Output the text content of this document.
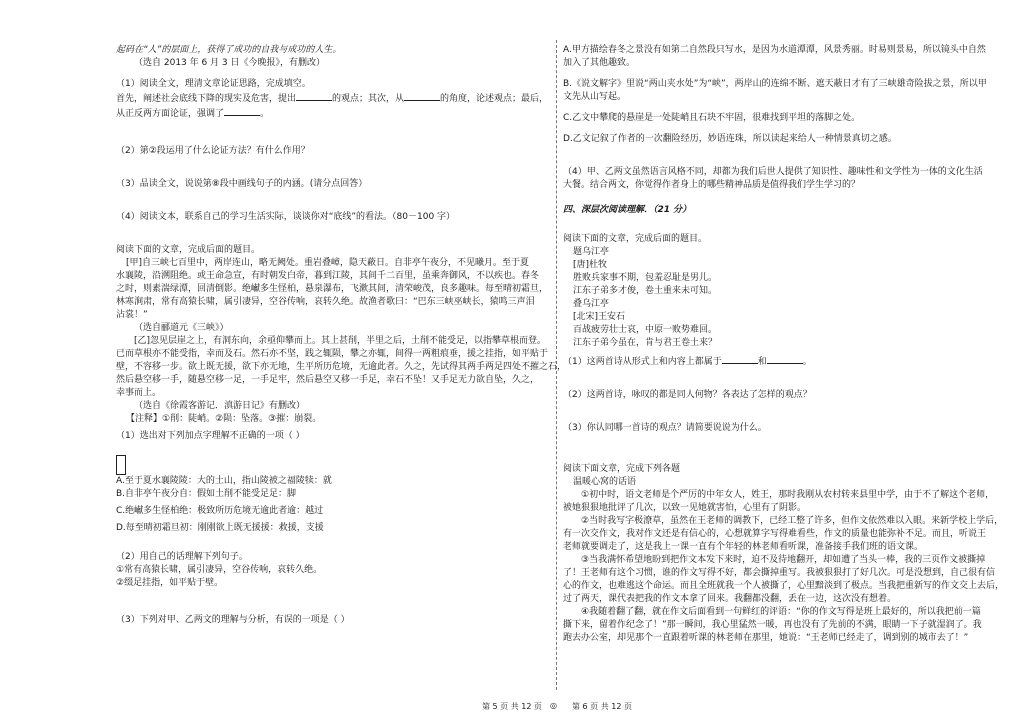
起码在“人”的层面上，获得了成功的自我与成功的人生。
（选自 2013 年 6 月 3 日《今晚报》，有删改）
（1）阅读全文，理清文章论证思路，完成填空。
首先，阐述社会底线下降的现实及危害，提出	的观点；其次，从	的角度，论述观点；最后，
从正反两方面论证，强调了	。
（2）第②段运用了什么论证方法？有什么作用？
（3）品读全文，说说第⑧段中画线句子的内涵。(请分点回答）
（4）阅读文本，联系自己的学习生活实际，谈谈你对“底线”的看法。（80－100 字）
阅读下面的文章，完成后面的题目。
[甲]自三峡七百里中，两岸连山，略无阙处。重岩叠嶂，隐天蔽日。自非亭午夜分，不见曦月。至于夏
水襄陵，沿溯阻绝。或王命急宣，有时朝发白帝，暮到江陵，其间千二百里，虽乘奔御风，不以疾也。春冬
之时，则素湍绿潭，回清倒影。绝𪩘多生怪柏，悬泉瀑布，飞漱其间，清荣峻茂，良多趣味。每至晴初霜旦，
林寒涧肃，常有高猿长啸，属引凄异，空谷传响，哀转久绝。故渔者歌曰：“巴东三峡巫峡长，猿鸣三声泪
沾裳！”
（选自郦道元《三峡》）
[乙]忽见层崖之上，有洞东向，余亟仰攀而上。其上甚削，半里之后，土削不能受足，以指攀草根而登。
已而草根亦不能受指，幸而及石。然石亦不坚，践之辄陨，攀之亦辄，间得一两粗痕垂，援之挂指，如平贴于
壁，不容移一步。欲上既无援，欲下亦无地，生平所历危境，无逾此者。久之，先试得其两手两足四处不摧之石，
然后悬空移一手，随悬空移一足，一手足牢，然后悬空又移一手足，幸石不坠！又手足无力欲自坠，久之，
幸事而上。
（选自《徐霞客游记．滇游日记》有删改）
【注释】①削：陡峭。②陨：坠落。③摧：崩裂。
（1）选出对下列加点字理解不正确的一项（ ）
A.至于夏水襄陵陵：大的土山，指山陵被之福陵犊：就
B.自非亭午夜分自：假如土削不能受足足：脚
C.绝𪩘多生怪柏绝：极致所历危境无逾此者逾：越过
D.每至晴初霜旦初：刚刚欲上既无援援：救援，支援
（2）用自己的话理解下列句子。
①常有高猿长啸，属引凄异，空谷传响，哀转久绝。
②缀足挂指，如平贴于壁。
（3）下列对甲、乙两文的理解与分析，有误的一项是（ ）
A.甲方描绘春冬之景没有如第二自然段只写水，是因为水道潭潭，风景秀丽。时易则景易，所以镜头中自然
加入了其他趣致。
B.《说文解字》里说“两山夹水处”为“峡”，两岸山的连绵不断、遮天蔽日才有了三峡雄奇险拔之景，所以甲
文先从山写起。
C.乙文中攀爬的悬崖是一处陡峭且石块不牢固，很难找到平坦的落脚之处。
D.乙文记叙了作者的一次翻险经历，妙语连珠，所以读起来给人一种情景真切之感。
（4）甲、乙两文虽然语言风格不同，却都为我们后世人提供了知识性、趣味性和文学性为一体的文化生活
大餐。结合两文，你觉得作者身上的哪些精神品质是值得我们学生学习的？
四、深层次阅读理解．（21 分）
阅读下面的文章，完成后面的题目。
题乌江亭
[唐]杜牧
胜败兵家事不期，包羞忍耻是男儿。
江东子弟多才俊，卷土重来未可知。
叠乌江亭
[北宋]王安石
百战疲劳壮士哀，中原一败势难回。
江东子弟今虽在，肯与君王卷土来？
（1）这两首诗从形式上和内容上都属于	和	。
（2）这两首诗，咏叹的都是同人何物？各表达了怎样的观点？
（3）你认同哪一首诗的观点？请简要说说为什么。
阅读下面文章，完成下列各题
温暖心窝的话语
①初中时，语文老师是个严厉的中年女人，姓王，那时我刚从农村转来县里中学，由于不了解这个老师，
被她狠狠地批评了几次，以致一见她就害怕，心里有了阴影。
②当时我写字极潦草，虽然在王老师的调教下，已经工整了许多，但作文依然难以入眼。来新学校上学后，
有一次交作文，我对作文还是有信心的，心想就算字写得难看些，作文的质量也能弥补不足。而且，听说王
老师就要调走了，这是我上一课一直有个年轻的林老师看听课，准备接手我们班的语文课。
③当我满怀希望地盼到把作文本发下来时，迫不及待地翻开，却如遭了当头一棒，我的三页作文被撕掉
了！王老师有这个习惯，谁的作文写得不好，都会撕掉重写。我被狠狠打了好几次。可是没想到，自己很有信
心的作文，也难逃这个命运。而且全班就我一个人被撕了，心里黯淡到了极点。当我把重新写的作文交上去后，
过了两天，课代表把我的作文本拿了回来。我翻都没翻，丢在一边，这次没有想着。
④我随着翻了翻，就在作文后面看到一句鲜红的评语：“你的作文写得是班上最好的，所以我把前一篇
撕下来，留着作纪念了！”那一瞬间，我心里猛然一暖，再也没有了先前的不满，眼睛一下子就湿润了。我
跑去办公室，却见那个一直跟着听课的林老师在那里，她说：“王老师已经走了，调到别的城市去了！”
第 5 页 共 12 页 ◎ 第 6 页 共 12 页
